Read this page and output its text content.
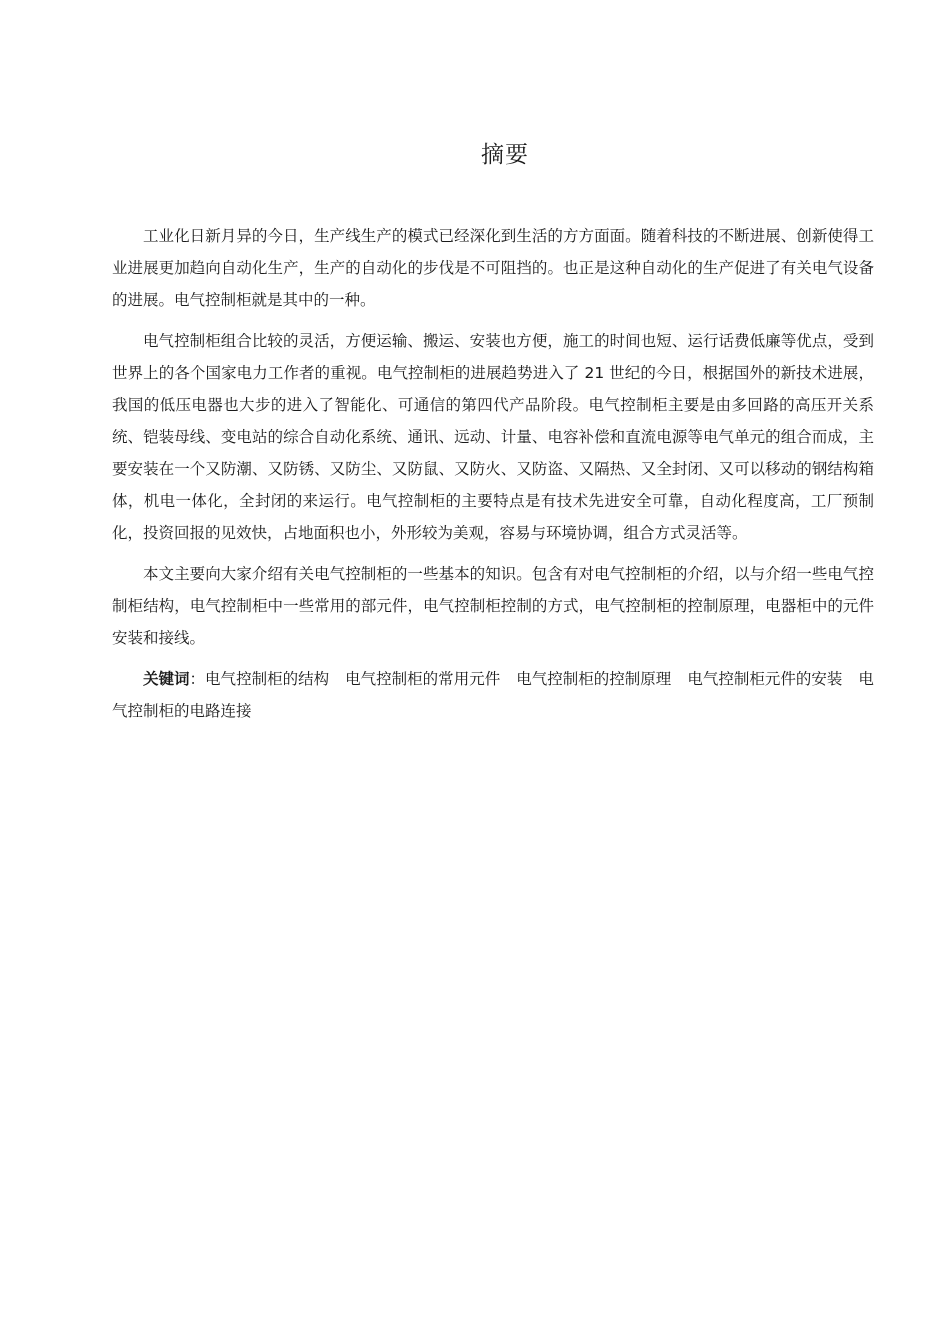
摘要

工业化日新月异的今日，生产线生产的模式已经深化到生活的方方面面。随着科技的不断进展、创新使得工业进展更加趋向自动化生产，生产的自动化的步伐是不可阻挡的。也正是这种自动化的生产促进了有关电气设备的进展。电气控制柜就是其中的一种。

电气控制柜组合比较的灵活，方便运输、搬运、安装也方便，施工的时间也短、运行话费低廉等优点，受到世界上的各个国家电力工作者的重视。电气控制柜的进展趋势进入了 21 世纪的今日，根据国外的新技术进展，我国的低压电器也大步的进入了智能化、可通信的第四代产品阶段。电气控制柜主要是由多回路的高压开关系统、铠装母线、变电站的综合自动化系统、通讯、远动、计量、电容补偿和直流电源等电气单元的组合而成，主要安装在一个又防潮、又防锈、又防尘、又防鼠、又防火、又防盗、又隔热、又全封闭、又可以移动的钢结构箱体，机电一体化，全封闭的来运行。电气控制柜的主要特点是有技术先进安全可靠，自动化程度高，工厂预制化，投资回报的见效快，占地面积也小，外形较为美观，容易与环境协调，组合方式灵活等。

本文主要向大家介绍有关电气控制柜的一些基本的知识。包含有对电气控制柜的介绍，以与介绍一些电气控制柜结构，电气控制柜中一些常用的部元件，电气控制柜控制的方式，电气控制柜的控制原理，电器柜中的元件安装和接线。

关键词：电气控制柜的结构 电气控制柜的常用元件 电气控制柜的控制原理 电气控制柜元件的安装 电气控制柜的电路连接
